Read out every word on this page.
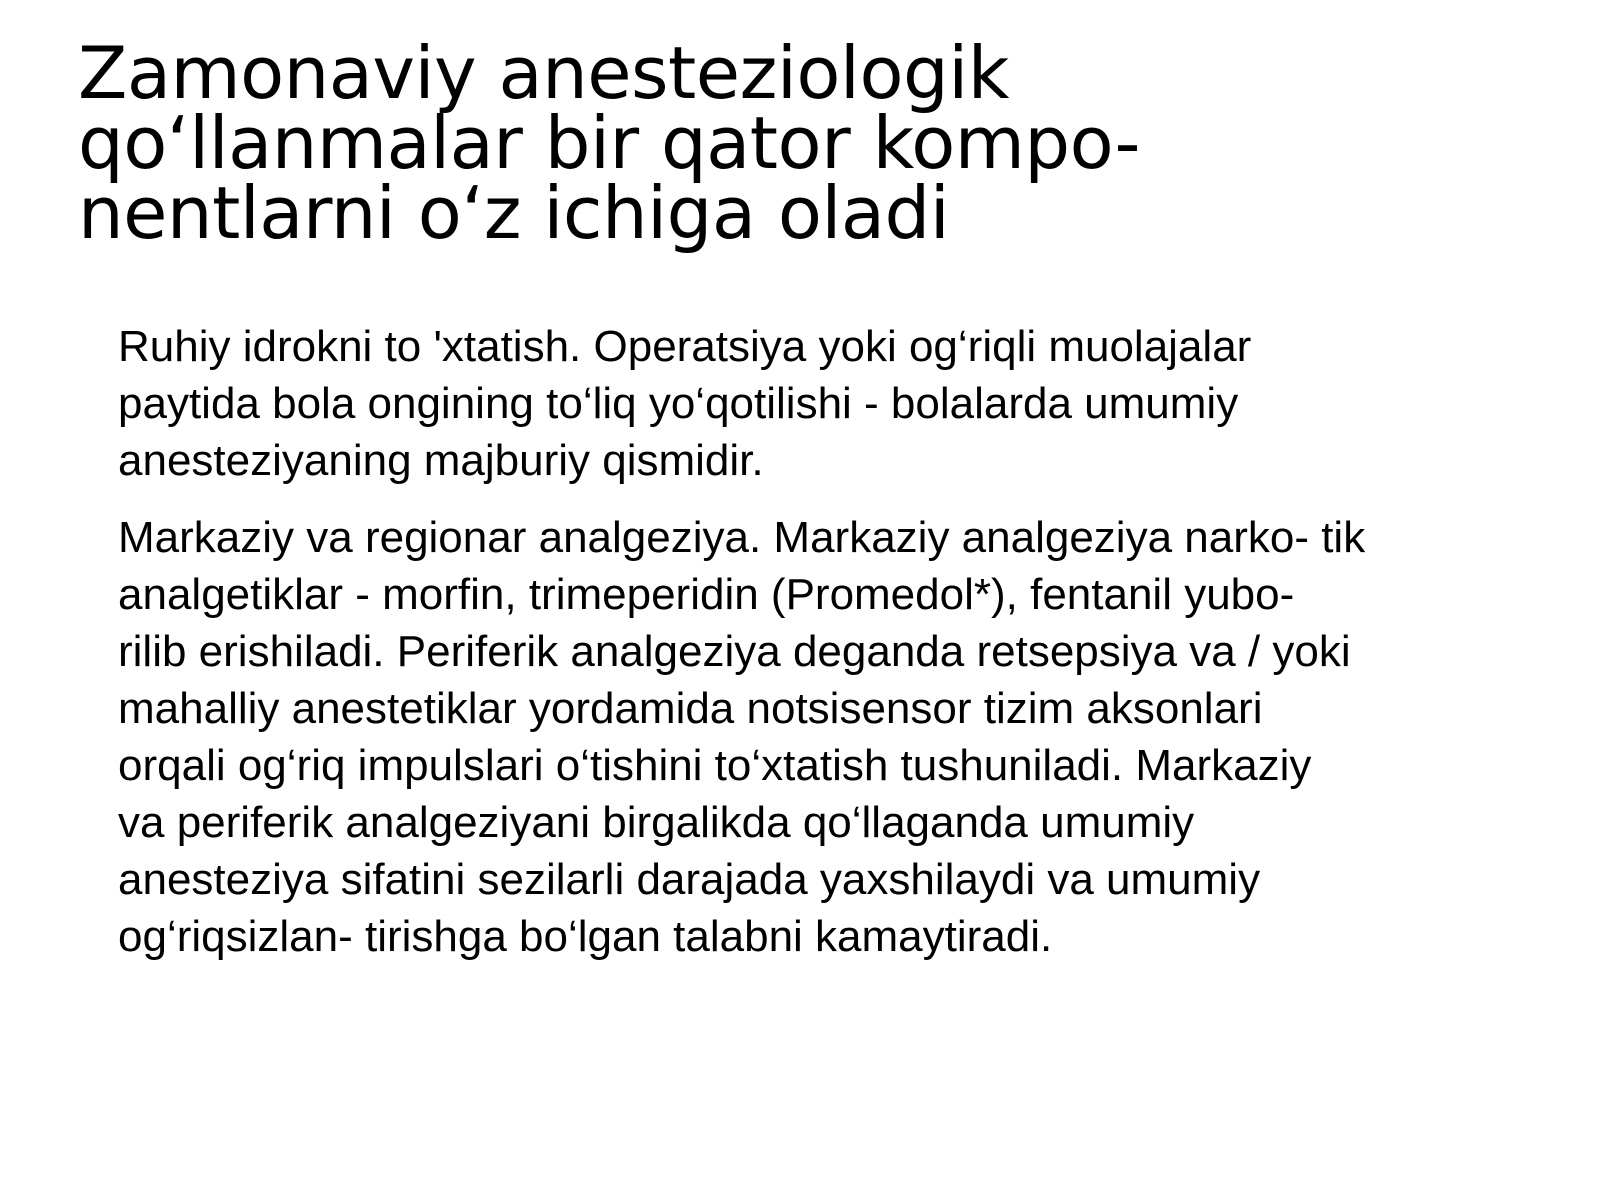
Zamonaviy anesteziologik
qo‘llanmalar bir qator kompo-
nentlarni o‘z ichiga oladi

Ruhiy idrokni to 'xtatish. Operatsiya yoki og‘riqli muolajalar
paytida bola ongining to‘liq yo‘qotilishi - bolalarda umumiy
anesteziyaning majburiy qismidir.

Markaziy va regionar analgeziya. Markaziy analgeziya narko- tik
analgetiklar - morfin, trimeperidin (Promedol*), fentanil yubo-
rilib erishiladi. Periferik analgeziya deganda retsepsiya va / yoki
mahalliy anestetiklar yordamida notsisensor tizim aksonlari
orqali og‘riq impulslari o‘tishini to‘xtatish tushuniladi. Markaziy
va periferik analgeziyani birgalikda qo‘llaganda umumiy
anesteziya sifatini sezilarli darajada yaxshilaydi va umumiy
og‘riqsizlan- tirishga bo‘lgan talabni kamaytiradi.
